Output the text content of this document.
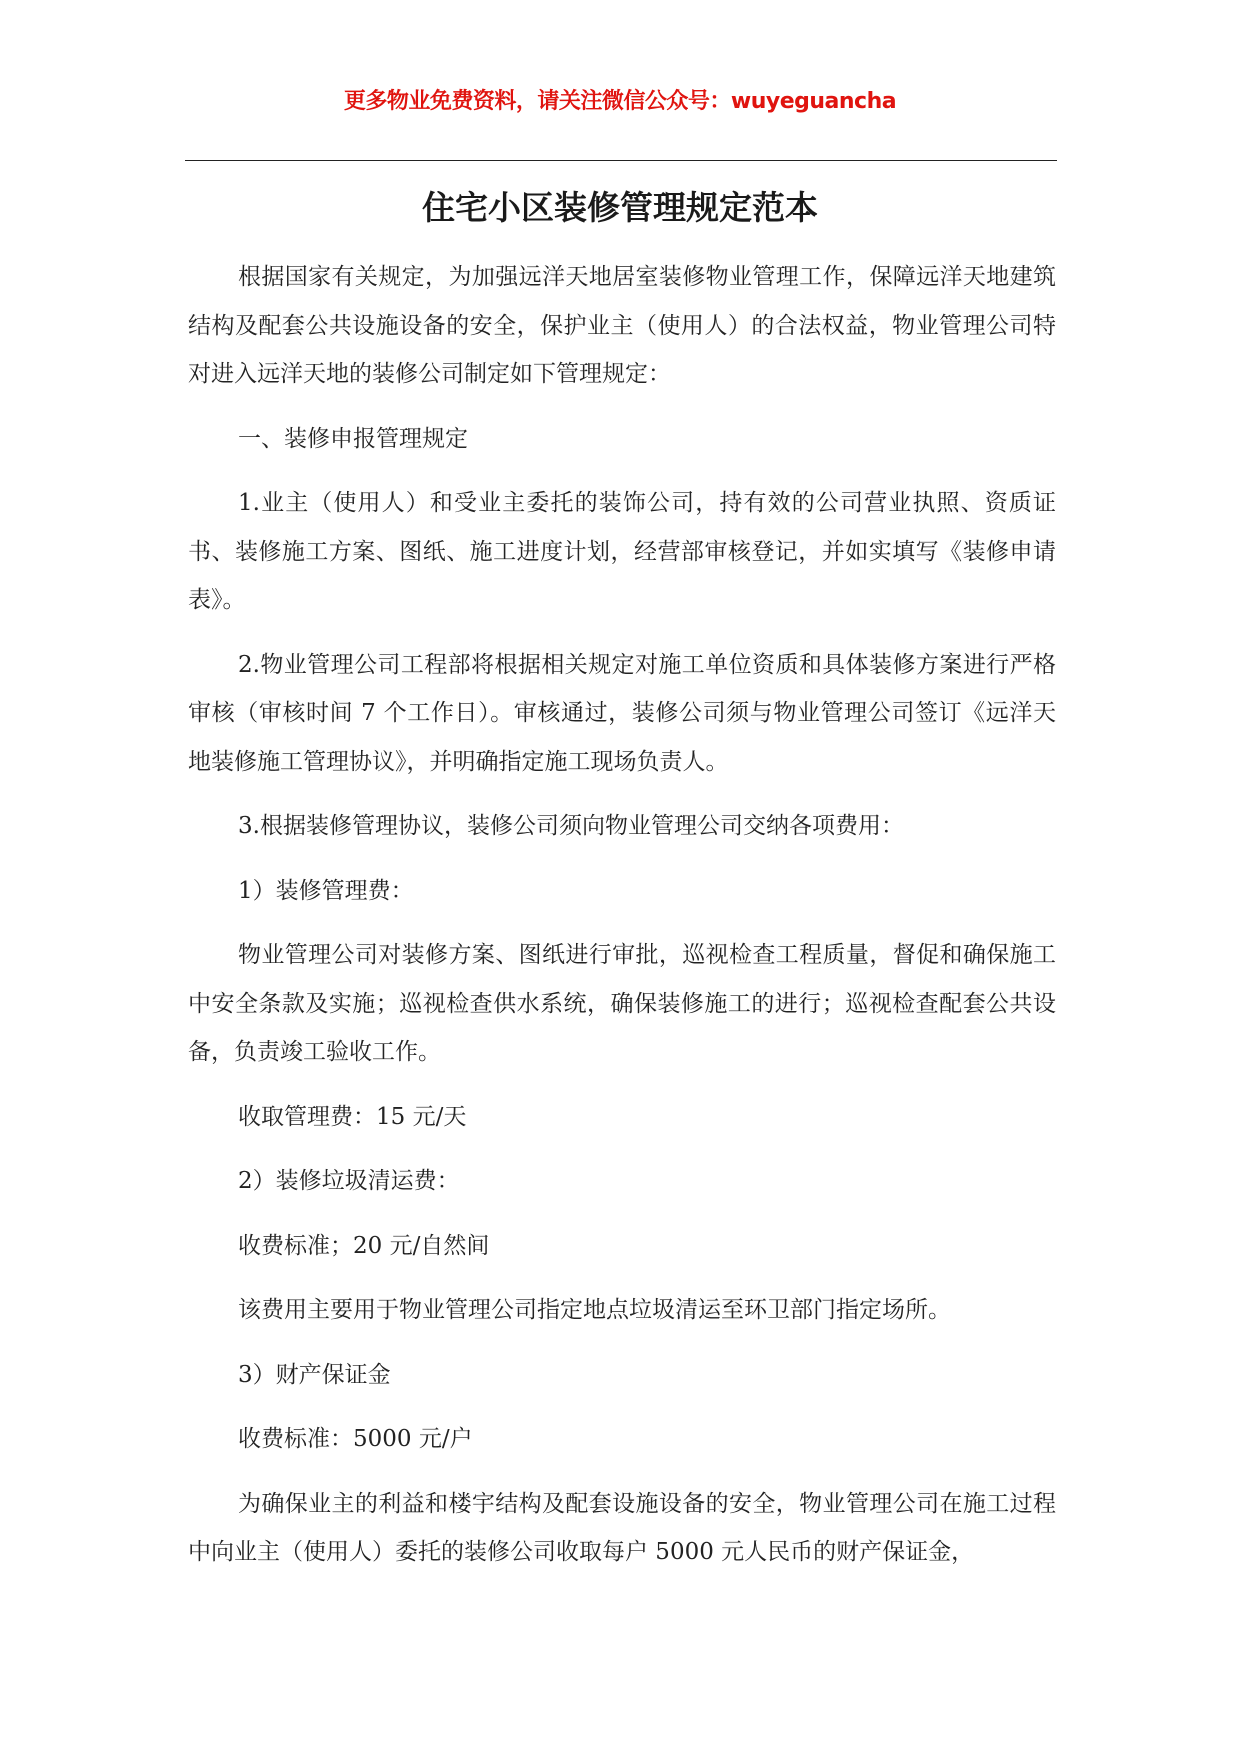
更多物业免费资料，请关注微信公众号：wuyeguancha
住宅小区装修管理规定范本

根据国家有关规定，为加强远洋天地居室装修物业管理工作，保障远洋天地建筑结构及配套公共设施设备的安全，保护业主（使用人）的合法权益，物业管理公司特对进入远洋天地的装修公司制定如下管理规定：

一、装修申报管理规定

1.业主（使用人）和受业主委托的装饰公司，持有效的公司营业执照、资质证书、装修施工方案、图纸、施工进度计划，经营部审核登记，并如实填写《装修申请表》。

2.物业管理公司工程部将根据相关规定对施工单位资质和具体装修方案进行严格审核（审核时间 7 个工作日）。审核通过，装修公司须与物业管理公司签订《远洋天地装修施工管理协议》，并明确指定施工现场负责人。

3.根据装修管理协议，装修公司须向物业管理公司交纳各项费用：

1）装修管理费：

物业管理公司对装修方案、图纸进行审批，巡视检查工程质量，督促和确保施工中安全条款及实施；巡视检查供水系统，确保装修施工的进行；巡视检查配套公共设备，负责竣工验收工作。

收取管理费：15 元/天

2）装修垃圾清运费：

收费标准；20 元/自然间

该费用主要用于物业管理公司指定地点垃圾清运至环卫部门指定场所。

3）财产保证金

收费标准：5000 元/户

为确保业主的利益和楼宇结构及配套设施设备的安全，物业管理公司在施工过程中向业主（使用人）委托的装修公司收取每户 5000 元人民币的财产保证金，
